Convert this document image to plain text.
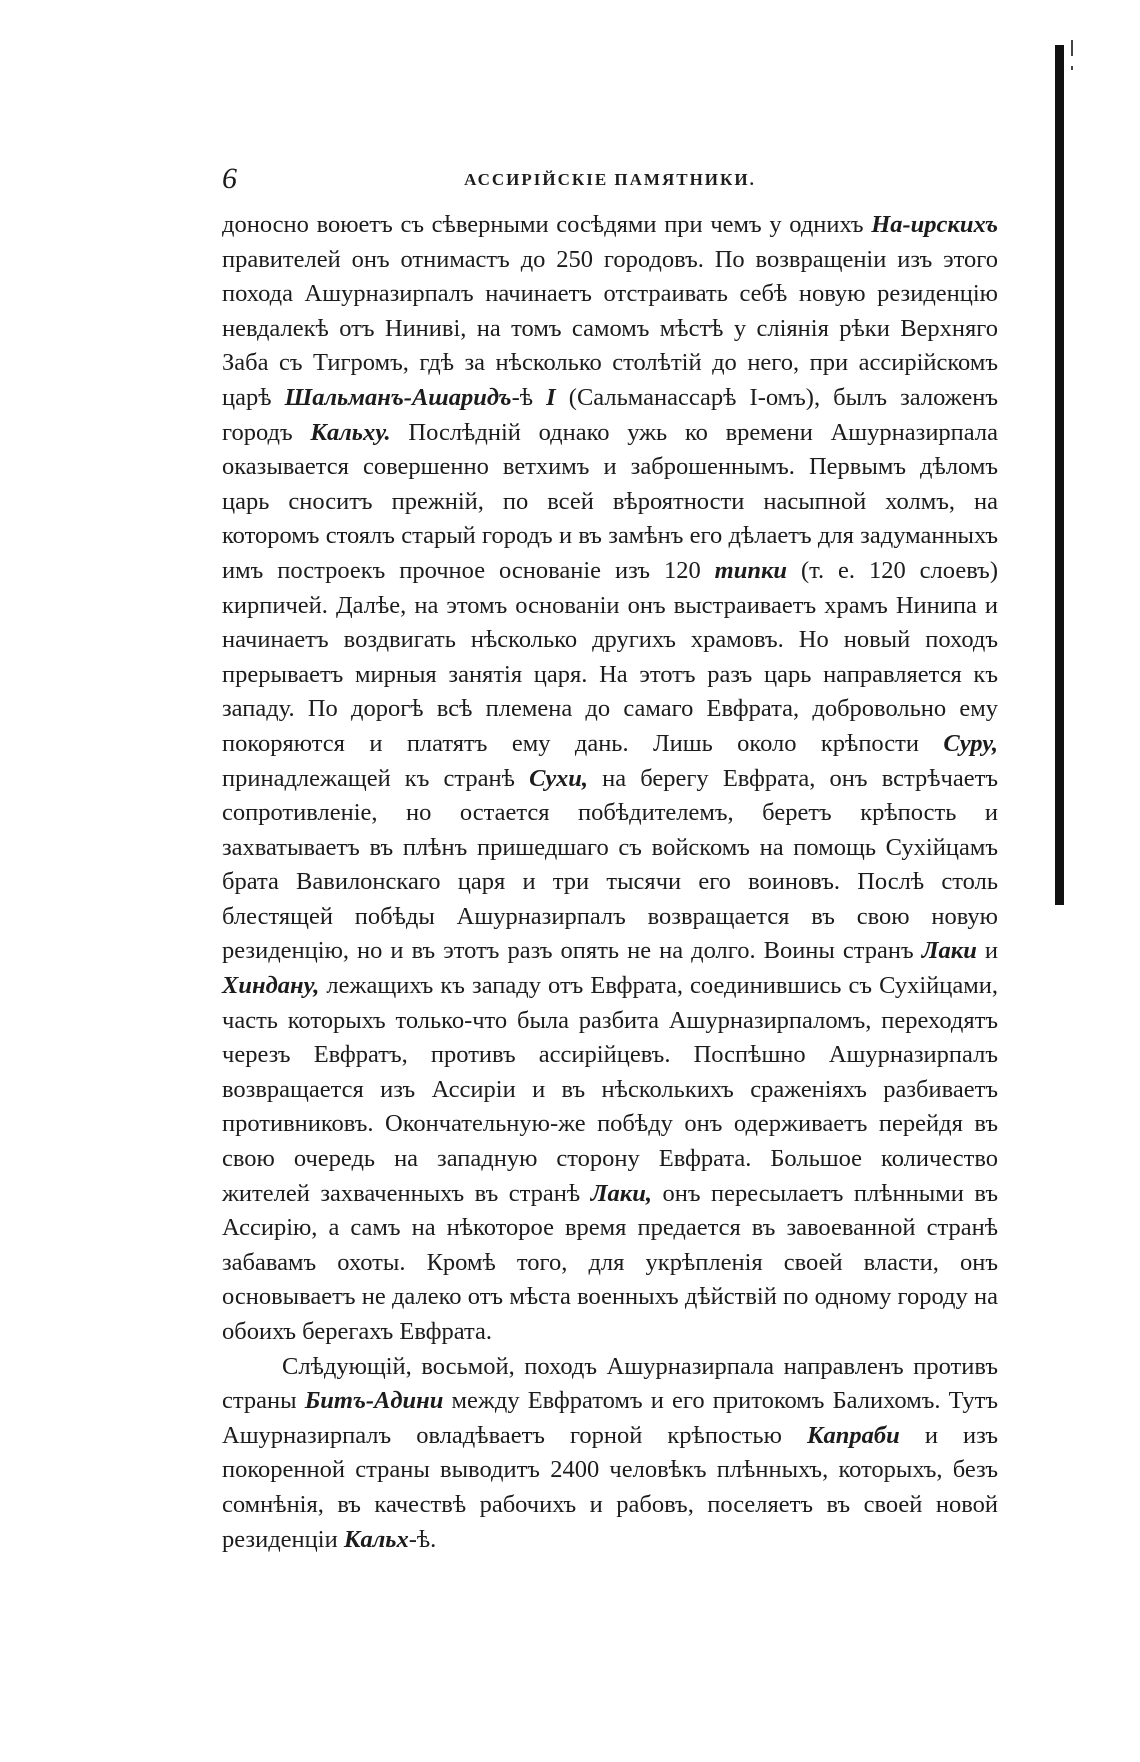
6	АССИРІЙСКІЕ ПАМЯТНИКИ.

доносно воюетъ съ сѣверными сосѣдями при чемъ у однихъ На-ирскихъ правителей онъ отнимастъ до 250 городовъ. По возвращеніи изъ этого похода Ашурназирпалъ начинаетъ отстраивать себѣ новую резиденцію невдалекѣ отъ Ниниві, на томъ самомъ мѣстѣ у сліянія рѣки Верхняго Заба съ Тигромъ, гдѣ за нѣсколько столѣтій до него, при ассирійскомъ царѣ Шальманъ-Ашаридъ-ѣ I (Сальманассарѣ I-омъ), былъ заложенъ городъ Кальху. Послѣдній однако ужь ко времени Ашурназирпала оказывается совершенно ветхимъ и заброшеннымъ. Первымъ дѣломъ царь сноситъ прежній, по всей вѣроятности насыпной холмъ, на которомъ стоялъ старый городъ и въ замѣнъ его дѣлаетъ для задуманныхъ имъ построекъ прочное основаніе изъ 120 типки (т. е. 120 слоевъ) кирпичей. Далѣе, на этомъ основаніи онъ выстраиваетъ храмъ Нинипа и начинаетъ воздвигать нѣсколько другихъ храмовъ. Но новый походъ прерываетъ мирныя занятія царя. На этотъ разъ царь направляется къ западу. По дорогѣ всѣ племена до самаго Евфрата, добровольно ему покоряются и платятъ ему дань. Лишь около крѣпости Суру, принадлежащей къ странѣ Сухи, на берегу Евфрата, онъ встрѣчаетъ сопротивленіе, но остается побѣдителемъ, беретъ крѣпость и захватываетъ въ плѣнъ пришедшаго съ войскомъ на помощь Сухійцамъ брата Вавилонскаго царя и три тысячи его воиновъ. Послѣ столь блестящей побѣды Ашурназирпалъ возвращается въ свою новую резиденцію, но и въ этотъ разъ опять не на долго. Воины странъ Лаки и Хиндану, лежащихъ къ западу отъ Евфрата, соединившись съ Сухійцами, часть которыхъ только-что была разбита Ашурназирпаломъ, переходятъ черезъ Евфратъ, противъ ассирійцевъ. Поспѣшно Ашурназирпалъ возвращается изъ Ассиріи и въ нѣсколькихъ сраженіяхъ разбиваетъ противниковъ. Окончательную-же побѣду онъ одерживаетъ перейдя въ свою очередь на западную сторону Евфрата. Большое количество жителей захваченныхъ въ странѣ Лаки, онъ пересылаетъ плѣнными въ Ассирію, а самъ на нѣкоторое время предается въ завоеванной странѣ забавамъ охоты. Кромѣ того, для укрѣпленія своей власти, онъ основываетъ не далеко отъ мѣста военныхъ дѣйствій по одному городу на обоихъ берегахъ Евфрата.

Слѣдующій, восьмой, походъ Ашурназирпала направленъ противъ страны Битъ-Адини между Евфратомъ и его притокомъ Балихомъ. Тутъ Ашурназирпалъ овладѣваетъ горной крѣпостью Капраби и изъ покоренной страны выводитъ 2400 человѣкъ плѣнныхъ, которыхъ, безъ сомнѣнія, въ качествѣ рабочихъ и рабовъ, поселяетъ въ своей новой резиденціи Кальх-ѣ.
